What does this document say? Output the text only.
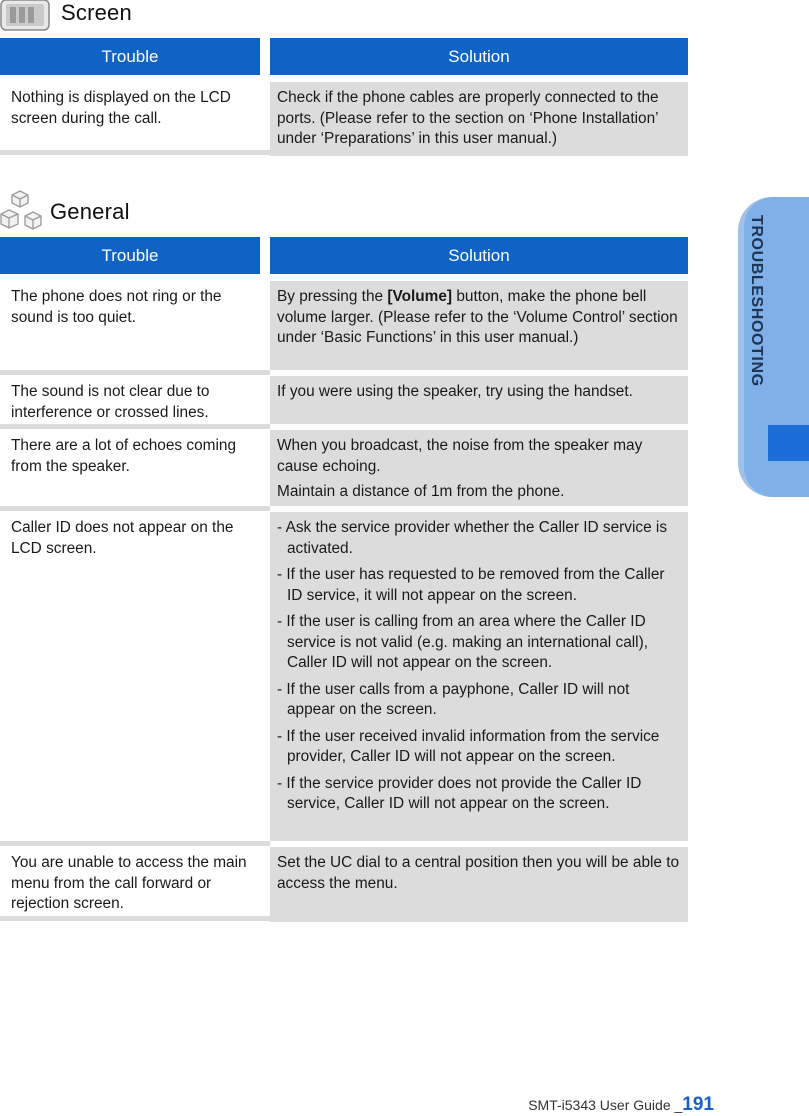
Screen
Trouble	Solution
Nothing is displayed on the LCD screen during the call.
Check if the phone cables are properly connected to the ports. (Please refer to the section on ‘Phone Installation’ under ‘Preparations’ in this user manual.)
General
Trouble	Solution
The phone does not ring or the sound is too quiet.
By pressing the [Volume] button, make the phone bell volume larger. (Please refer to the ‘Volume Control’ section under ‘Basic Functions’ in this user manual.)
The sound is not clear due to interference or crossed lines.
If you were using the speaker, try using the handset.
There are a lot of echoes coming from the speaker.
When you broadcast, the noise from the speaker may cause echoing.
Maintain a distance of 1m from the phone.
Caller ID does not appear on the LCD screen.
- Ask the service provider whether the Caller ID service is activated.
- If the user has requested to be removed from the Caller ID service, it will not appear on the screen.
- If the user is calling from an area where the Caller ID service is not valid (e.g. making an international call), Caller ID will not appear on the screen.
- If the user calls from a payphone, Caller ID will not appear on the screen.
- If the user received invalid information from the service provider, Caller ID will not appear on the screen.
- If the service provider does not provide the Caller ID service, Caller ID will not appear on the screen.
You are unable to access the main menu from the call forward or rejection screen.
Set the UC dial to a central position then you will be able to access the menu.
TROUBLESHOOTING
SMT-i5343 User Guide _191
